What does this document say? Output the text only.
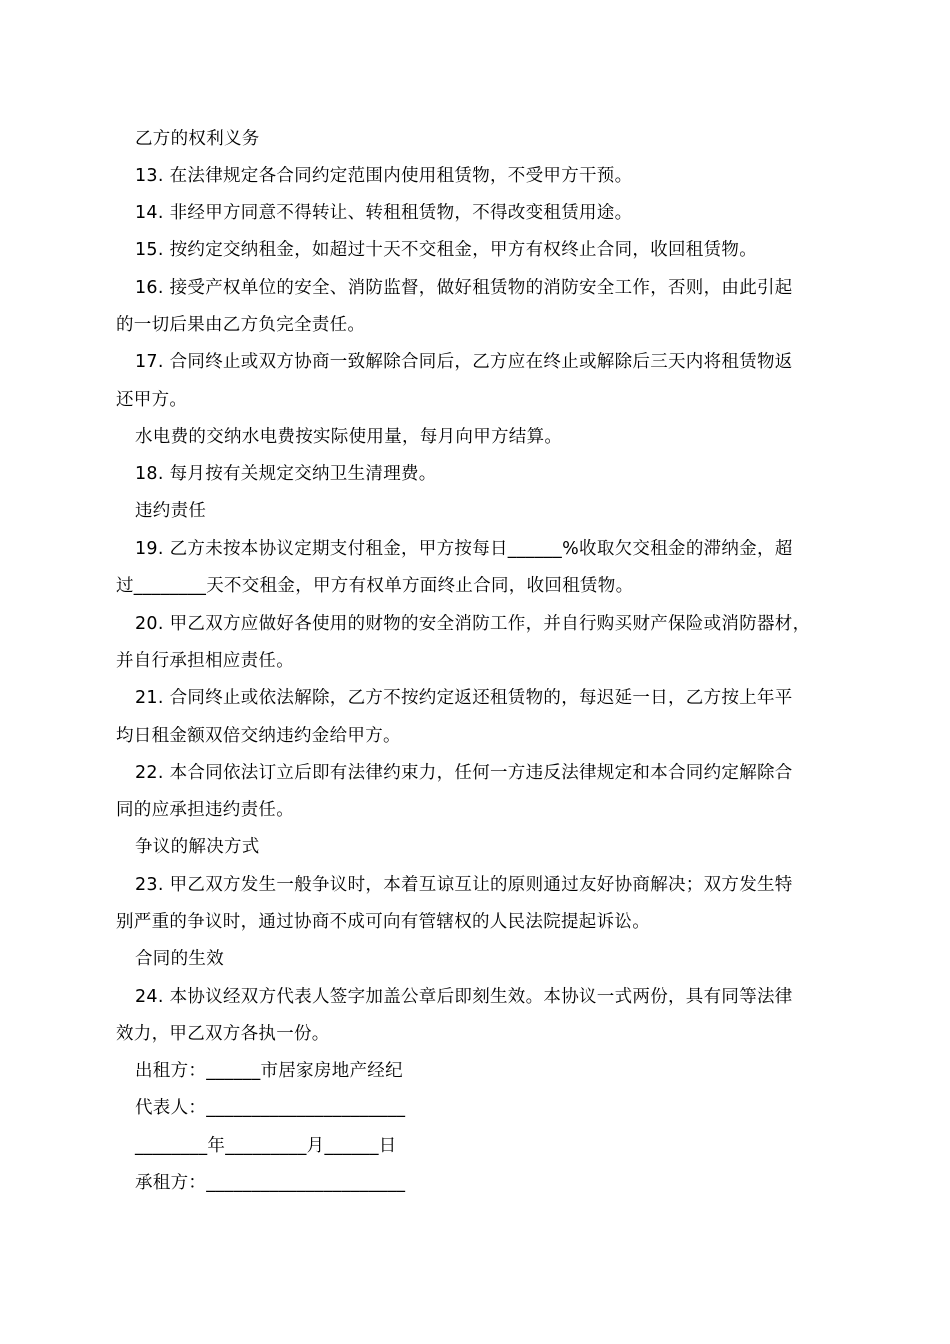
乙方的权利义务
13. 在法律规定各合同约定范围内使用租赁物，不受甲方干预。
14. 非经甲方同意不得转让、转租租赁物，不得改变租赁用途。
15. 按约定交纳租金，如超过十天不交租金，甲方有权终止合同，收回租赁物。
16. 接受产权单位的安全、消防监督，做好租赁物的消防安全工作，否则，由此引起
的一切后果由乙方负完全责任。
17. 合同终止或双方协商一致解除合同后，乙方应在终止或解除后三天内将租赁物返
还甲方。
水电费的交纳水电费按实际使用量，每月向甲方结算。
18. 每月按有关规定交纳卫生清理费。
违约责任
19. 乙方未按本协议定期支付租金，甲方按每日______%收取欠交租金的滞纳金，超
过________天不交租金，甲方有权单方面终止合同，收回租赁物。
20. 甲乙双方应做好各使用的财物的安全消防工作，并自行购买财产保险或消防器材，
并自行承担相应责任。
21. 合同终止或依法解除，乙方不按约定返还租赁物的，每迟延一日，乙方按上年平
均日租金额双倍交纳违约金给甲方。
22. 本合同依法订立后即有法律约束力，任何一方违反法律规定和本合同约定解除合
同的应承担违约责任。
争议的解决方式
23. 甲乙双方发生一般争议时，本着互谅互让的原则通过友好协商解决；双方发生特
别严重的争议时，通过协商不成可向有管辖权的人民法院提起诉讼。
合同的生效
24. 本协议经双方代表人签字加盖公章后即刻生效。本协议一式两份，具有同等法律
效力，甲乙双方各执一份。
出租方：______市居家房地产经纪
代表人：______________________
________年_________月______日
承租方：______________________
